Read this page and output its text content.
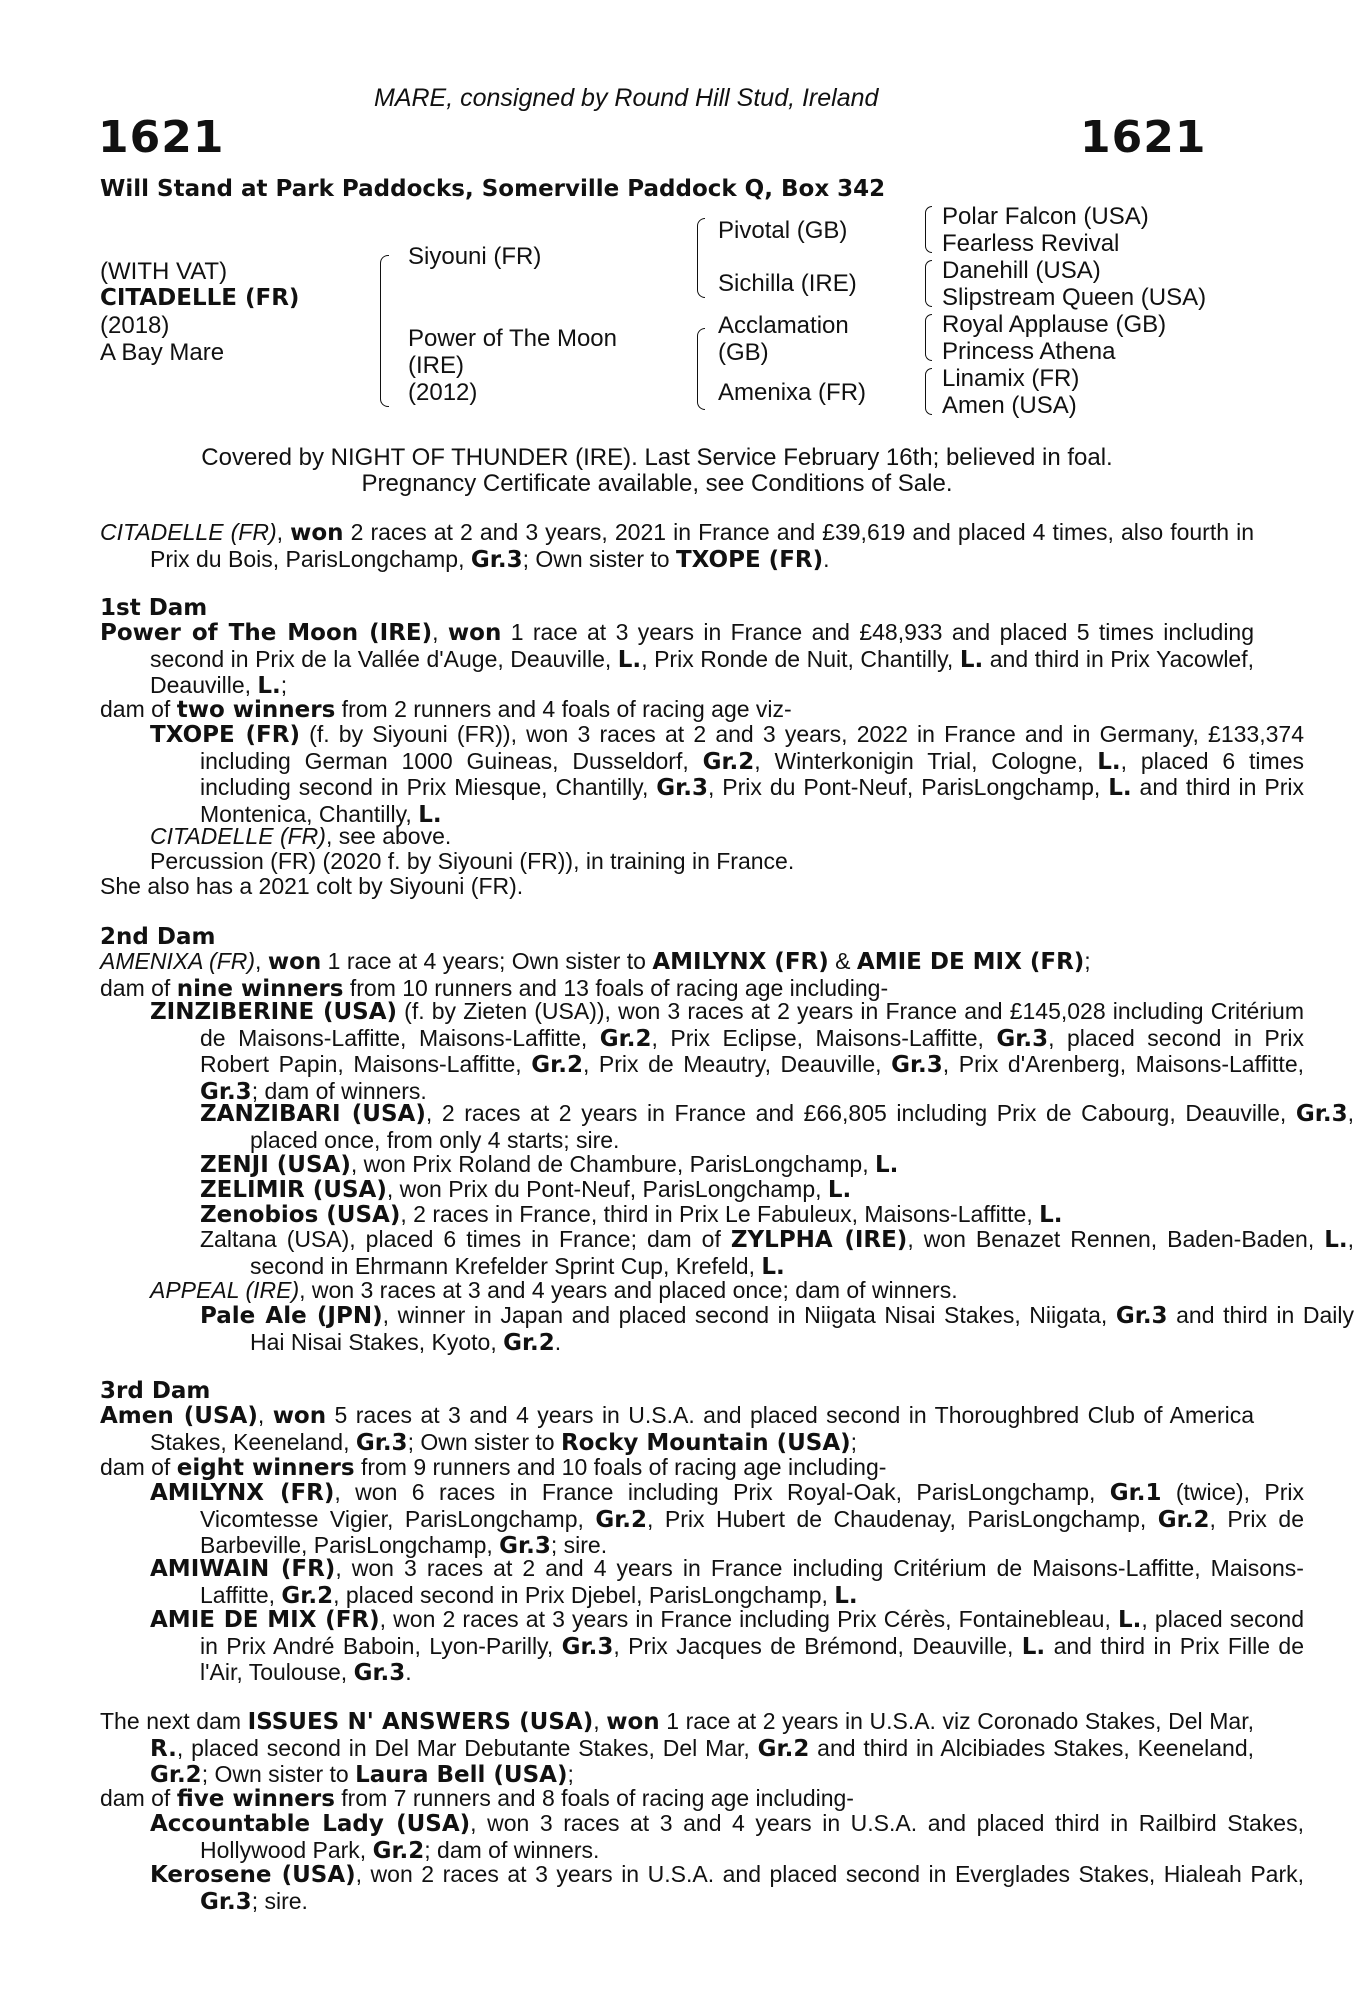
MARE, consigned by Round Hill Stud, Ireland
1621	1621
Will Stand at Park Paddocks, Somerville Paddock Q, Box 342
(WITH VAT)
CITADELLE (FR)
(2018)
A Bay Mare
Siyouni (FR)
Power of The Moon
(IRE)
(2012)
Pivotal (GB)
Sichilla (IRE)
Acclamation
(GB)
Amenixa (FR)
Polar Falcon (USA)
Fearless Revival
Danehill (USA)
Slipstream Queen (USA)
Royal Applause (GB)
Princess Athena
Linamix (FR)
Amen (USA)
Covered by NIGHT OF THUNDER (IRE). Last Service February 16th; believed in foal.
Pregnancy Certificate available, see Conditions of Sale.

CITADELLE (FR), won 2 races at 2 and 3 years, 2021 in France and £39,619 and placed 4 times, also fourth in Prix du Bois, ParisLongchamp, Gr.3; Own sister to TXOPE (FR).

1st Dam

Power of The Moon (IRE), won 1 race at 3 years in France and £48,933 and placed 5 times including second in Prix de la Vallée d'Auge, Deauville, L., Prix Ronde de Nuit, Chantilly, L. and third in Prix Yacowlef, Deauville, L.;

dam of two winners from 2 runners and 4 foals of racing age viz-

TXOPE (FR) (f. by Siyouni (FR)), won 3 races at 2 and 3 years, 2022 in France and in Germany, £133,374 including German 1000 Guineas, Dusseldorf, Gr.2, Winterkonigin Trial, Cologne, L., placed 6 times including second in Prix Miesque, Chantilly, Gr.3, Prix du Pont-Neuf, ParisLongchamp, L. and third in Prix Montenica, Chantilly, L.

CITADELLE (FR), see above.

Percussion (FR) (2020 f. by Siyouni (FR)), in training in France.

She also has a 2021 colt by Siyouni (FR).

2nd Dam

AMENIXA (FR), won 1 race at 4 years; Own sister to AMILYNX (FR) & AMIE DE MIX (FR);
dam of nine winners from 10 runners and 13 foals of racing age including-

ZINZIBERINE (USA) (f. by Zieten (USA)), won 3 races at 2 years in France and £145,028 including Critérium de Maisons-Laffitte, Maisons-Laffitte, Gr.2, Prix Eclipse, Maisons-Laffitte, Gr.3, placed second in Prix Robert Papin, Maisons-Laffitte, Gr.2, Prix de Meautry, Deauville, Gr.3, Prix d'Arenberg, Maisons-Laffitte, Gr.3; dam of winners.

ZANZIBARI (USA), 2 races at 2 years in France and £66,805 including Prix de Cabourg, Deauville, Gr.3, placed once, from only 4 starts; sire.

ZENJI (USA), won Prix Roland de Chambure, ParisLongchamp, L.

ZELIMIR (USA), won Prix du Pont-Neuf, ParisLongchamp, L.

Zenobios (USA), 2 races in France, third in Prix Le Fabuleux, Maisons-Laffitte, L.

Zaltana (USA), placed 6 times in France; dam of ZYLPHA (IRE), won Benazet Rennen, Baden-Baden, L., second in Ehrmann Krefelder Sprint Cup, Krefeld, L.

APPEAL (IRE), won 3 races at 3 and 4 years and placed once; dam of winners.

Pale Ale (JPN), winner in Japan and placed second in Niigata Nisai Stakes, Niigata, Gr.3 and third in Daily Hai Nisai Stakes, Kyoto, Gr.2.

3rd Dam

Amen (USA), won 5 races at 3 and 4 years in U.S.A. and placed second in Thoroughbred Club of America Stakes, Keeneland, Gr.3; Own sister to Rocky Mountain (USA);

dam of eight winners from 9 runners and 10 foals of racing age including-

AMILYNX (FR), won 6 races in France including Prix Royal-Oak, ParisLongchamp, Gr.1 (twice), Prix Vicomtesse Vigier, ParisLongchamp, Gr.2, Prix Hubert de Chaudenay, ParisLongchamp, Gr.2, Prix de Barbeville, ParisLongchamp, Gr.3; sire.

AMIWAIN (FR), won 3 races at 2 and 4 years in France including Critérium de Maisons-Laffitte, Maisons-Laffitte, Gr.2, placed second in Prix Djebel, ParisLongchamp, L.

AMIE DE MIX (FR), won 2 races at 3 years in France including Prix Cérès, Fontainebleau, L., placed second in Prix André Baboin, Lyon-Parilly, Gr.3, Prix Jacques de Brémond, Deauville, L. and third in Prix Fille de l'Air, Toulouse, Gr.3.

The next dam ISSUES N' ANSWERS (USA), won 1 race at 2 years in U.S.A. viz Coronado Stakes, Del Mar, R., placed second in Del Mar Debutante Stakes, Del Mar, Gr.2 and third in Alcibiades Stakes, Keeneland, Gr.2; Own sister to Laura Bell (USA);

dam of five winners from 7 runners and 8 foals of racing age including-

Accountable Lady (USA), won 3 races at 3 and 4 years in U.S.A. and placed third in Railbird Stakes, Hollywood Park, Gr.2; dam of winners.

Kerosene (USA), won 2 races at 3 years in U.S.A. and placed second in Everglades Stakes, Hialeah Park, Gr.3; sire.
